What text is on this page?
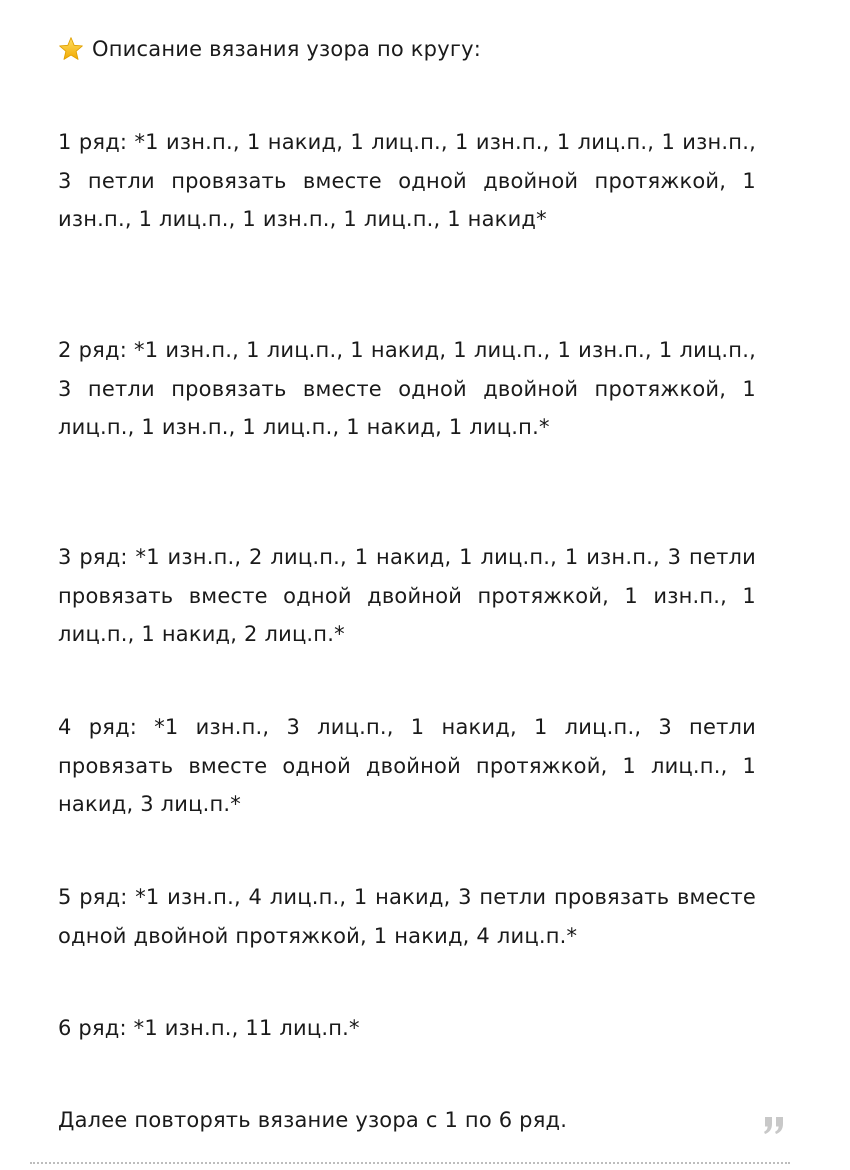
Описание вязания узора по кругу:

1 ряд: *1 изн.п., 1 накид, 1 лиц.п., 1 изн.п., 1 лиц.п., 1 изн.п., 3 петли провязать вместе одной двойной протяжкой, 1 изн.п., 1 лиц.п., 1 изн.п., 1 лиц.п., 1 накид*

2 ряд: *1 изн.п., 1 лиц.п., 1 накид, 1 лиц.п., 1 изн.п., 1 лиц.п., 3 петли провязать вместе одной двойной протяжкой, 1 лиц.п., 1 изн.п., 1 лиц.п., 1 накид, 1 лиц.п.*

3 ряд: *1 изн.п., 2 лиц.п., 1 накид, 1 лиц.п., 1 изн.п., 3 петли провязать вместе одной двойной протяжкой, 1 изн.п., 1 лиц.п., 1 накид, 2 лиц.п.*

4 ряд: *1 изн.п., 3 лиц.п., 1 накид, 1 лиц.п., 3 петли провязать вместе одной двойной протяжкой, 1 лиц.п., 1 накид, 3 лиц.п.*

5 ряд: *1 изн.п., 4 лиц.п., 1 накид, 3 петли провязать вместе одной двойной протяжкой, 1 накид, 4 лиц.п.*

6 ряд: *1 изн.п., 11 лиц.п.*

Далее повторять вязание узора с 1 по 6 ряд.
